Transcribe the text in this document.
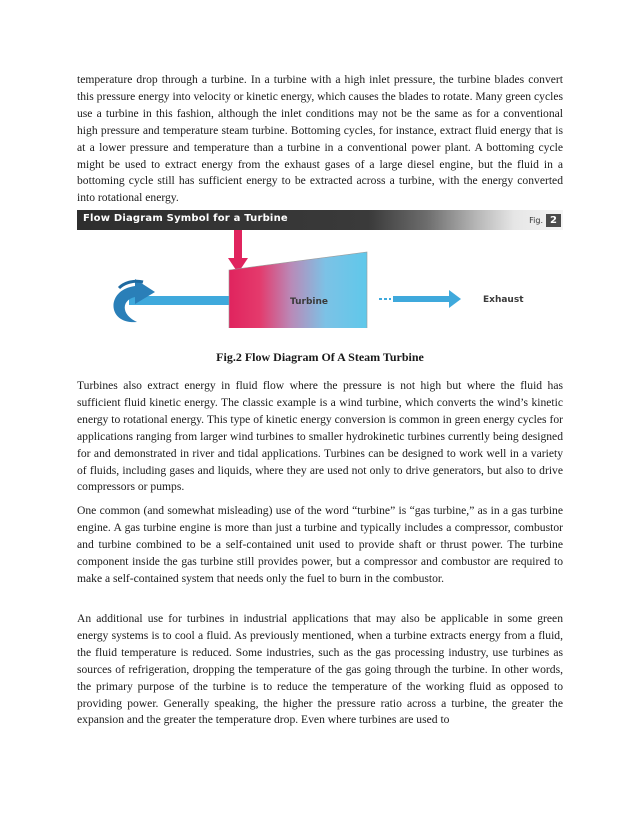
temperature drop through a turbine. In a turbine with a high inlet pressure, the turbine blades convert this pressure energy into velocity or kinetic energy, which causes the blades to rotate. Many green cycles use a turbine in this fashion, although the inlet conditions may not be the same as for a conventional high pressure and temperature steam turbine. Bottoming cycles, for instance, extract fluid energy that is at a lower pressure and temperature than a turbine in a conventional power plant. A bottoming cycle might be used to extract energy from the exhaust gases of a large diesel engine, but the fluid in a bottoming cycle still has sufficient energy to be extracted across a turbine, with the energy converted into rotational energy.

Flow Diagram Symbol for a Turbine	Fig. 2
Turbine	Exhaust

Fig.2 Flow Diagram Of A Steam Turbine

Turbines also extract energy in fluid flow where the pressure is not high but where the fluid has sufficient fluid kinetic energy. The classic example is a wind turbine, which converts the wind’s kinetic energy to rotational energy. This type of kinetic energy conversion is common in green energy cycles for applications ranging from larger wind turbines to smaller hydrokinetic turbines currently being designed for and demonstrated in river and tidal applications. Turbines can be designed to work well in a variety of fluids, including gases and liquids, where they are used not only to drive generators, but also to drive compressors or pumps.

One common (and somewhat misleading) use of the word “turbine” is “gas turbine,” as in a gas turbine engine. A gas turbine engine is more than just a turbine and typically includes a compressor, combustor and turbine combined to be a self-contained unit used to provide shaft or thrust power. The turbine component inside the gas turbine still provides power, but a compressor and combustor are required to make a self-contained system that needs only the fuel to burn in the combustor.

An additional use for turbines in industrial applications that may also be applicable in some green energy systems is to cool a fluid. As previously mentioned, when a turbine extracts energy from a fluid, the fluid temperature is reduced. Some industries, such as the gas processing industry, use turbines as sources of refrigeration, dropping the temperature of the gas going through the turbine. In other words, the primary purpose of the turbine is to reduce the temperature of the working fluid as opposed to providing power. Generally speaking, the higher the pressure ratio across a turbine, the greater the expansion and the greater the temperature drop. Even where turbines are used to
